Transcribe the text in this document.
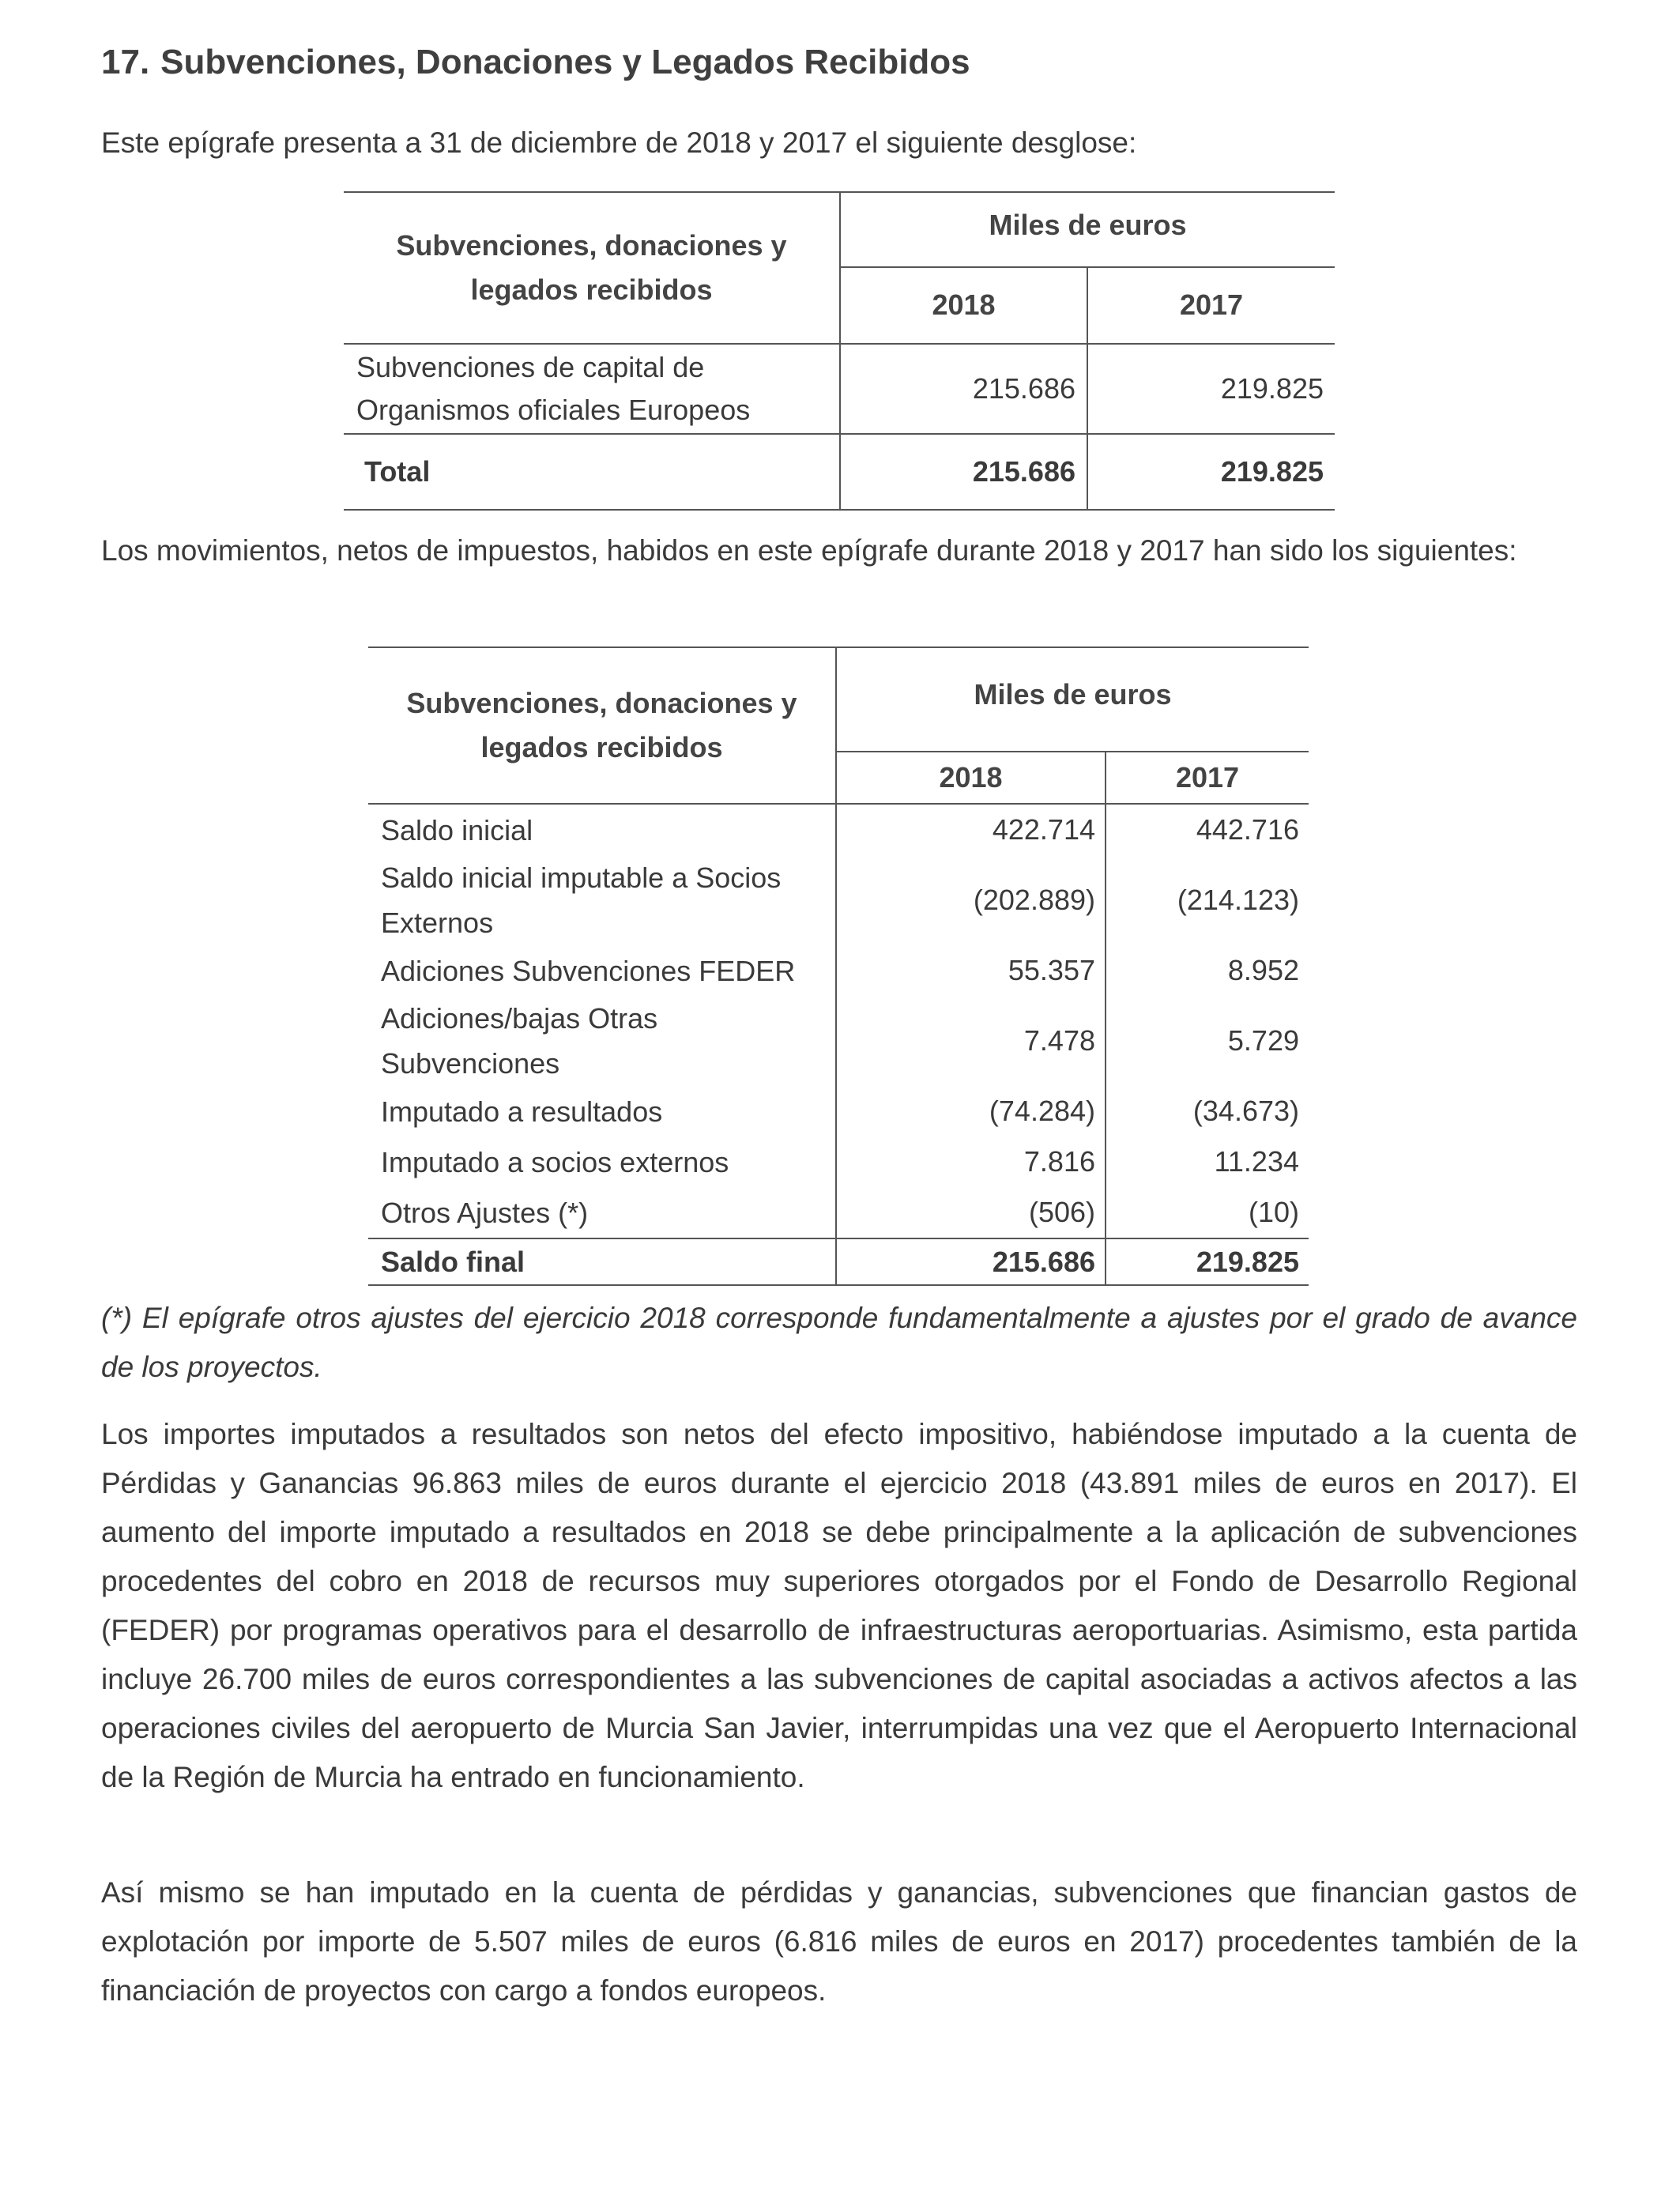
17. Subvenciones, Donaciones y Legados Recibidos

Este epígrafe presenta a 31 de diciembre de 2018 y 2017 el siguiente desglose:

Subvenciones, donaciones y
legados recibidos	Miles de euros	
	2018	2017
Subvenciones de capital de
Organismos oficiales Europeos	215.686	219.825
Total	215.686	219.825

Los movimientos, netos de impuestos, habidos en este epígrafe durante 2018 y 2017 han sido los siguientes:

Subvenciones, donaciones y
legados recibidos	Miles de euros	
	2018	2017
Saldo inicial	422.714	442.716
Saldo inicial imputable a Socios
Externos	(202.889)	(214.123)
Adiciones Subvenciones FEDER	55.357	8.952
Adiciones/bajas Otras
Subvenciones	7.478	5.729
Imputado a resultados	(74.284)	(34.673)
Imputado a socios externos	7.816	11.234
Otros Ajustes (*)	(506)	(10)
Saldo final	215.686	219.825

(*) El epígrafe otros ajustes del ejercicio 2018 corresponde fundamentalmente a ajustes por el grado de avance de los proyectos.

Los importes imputados a resultados son netos del efecto impositivo, habiéndose imputado a la cuenta de Pérdidas y Ganancias 96.863 miles de euros durante el ejercicio 2018 (43.891 miles de euros en 2017). El aumento del importe imputado a resultados en 2018 se debe principalmente a la aplicación de subvenciones procedentes del cobro en 2018 de recursos muy superiores otorgados por el Fondo de Desarrollo Regional (FEDER) por programas operativos para el desarrollo de infraestructuras aeroportuarias. Asimismo, esta partida incluye 26.700 miles de euros correspondientes a las subvenciones de capital asociadas a activos afectos a las operaciones civiles del aeropuerto de Murcia San Javier, interrumpidas una vez que el Aeropuerto Internacional de la Región de Murcia ha entrado en funcionamiento.

Así mismo se han imputado en la cuenta de pérdidas y ganancias, subvenciones que financian gastos de explotación por importe de 5.507 miles de euros (6.816 miles de euros en 2017) procedentes también de la financiación de proyectos con cargo a fondos europeos.
